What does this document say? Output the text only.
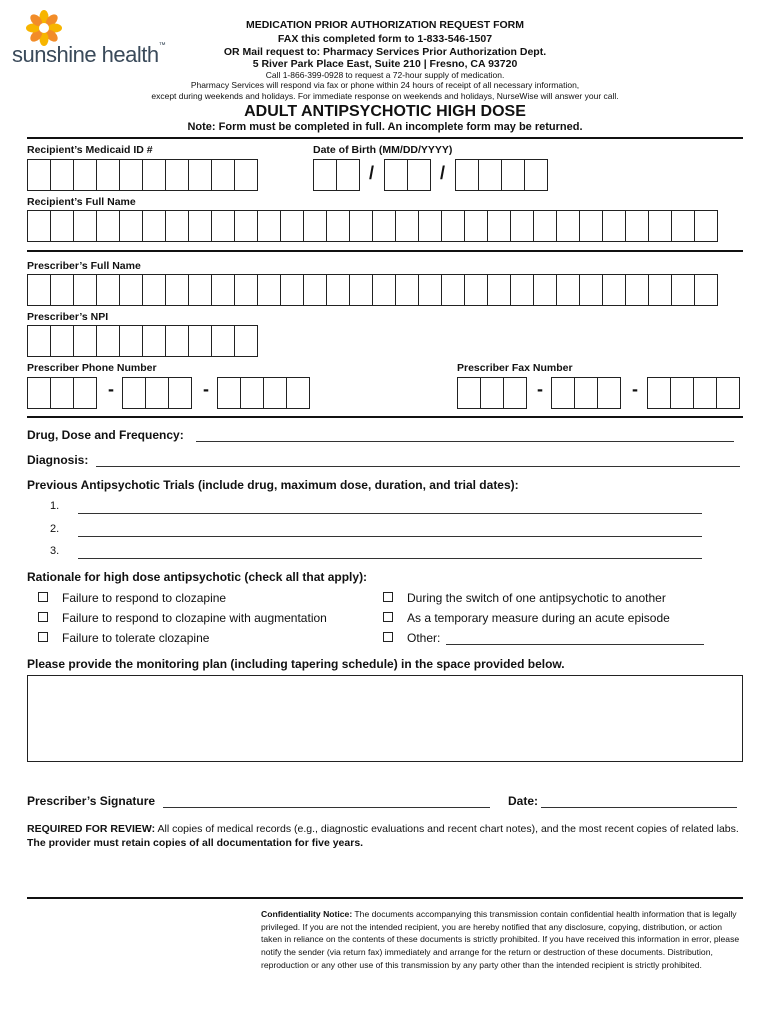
sunshine health™
MEDICATION PRIOR AUTHORIZATION REQUEST FORM
FAX this completed form to 1-833-546-1507
OR Mail request to: Pharmacy Services Prior Authorization Dept.
5 River Park Place East, Suite 210 | Fresno, CA 93720
Call 1-866-399-0928 to request a 72-hour supply of medication.
Pharmacy Services will respond via fax or phone within 24 hours of receipt of all necessary information,
except during weekends and holidays. For immediate response on weekends and holidays, NurseWise will answer your call.
ADULT ANTIPSYCHOTIC HIGH DOSE
Note: Form must be completed in full. An incomplete form may be returned.
Recipient’s Medicaid ID #	Date of Birth (MM/DD/YYYY)
/	/
Recipient’s Full Name
Prescriber’s Full Name
Prescriber’s NPI
Prescriber Phone Number	Prescriber Fax Number
-	-	-	-
Drug, Dose and Frequency:
Diagnosis:
Previous Antipsychotic Trials (include drug, maximum dose, duration, and trial dates):
1.
2.
3.
Rationale for high dose antipsychotic (check all that apply):
Failure to respond to clozapine
Failure to respond to clozapine with augmentation
Failure to tolerate clozapine
During the switch of one antipsychotic to another
As a temporary measure during an acute episode
Other:
Please provide the monitoring plan (including tapering schedule) in the space provided below.
Prescriber’s Signature	Date:
REQUIRED FOR REVIEW: All copies of medical records (e.g., diagnostic evaluations and recent chart notes), and the most recent copies of related labs. The provider must retain copies of all documentation for five years.
Confidentiality Notice: The documents accompanying this transmission contain confidential health information that is legally privileged. If you are not the intended recipient, you are hereby notified that any disclosure, copying, distribution, or action taken in reliance on the contents of these documents is strictly prohibited. If you have received this information in error, please notify the sender (via return fax) immediately and arrange for the return or destruction of these documents. Distribution, reproduction or any other use of this transmission by any party other than the intended recipient is strictly prohibited.
